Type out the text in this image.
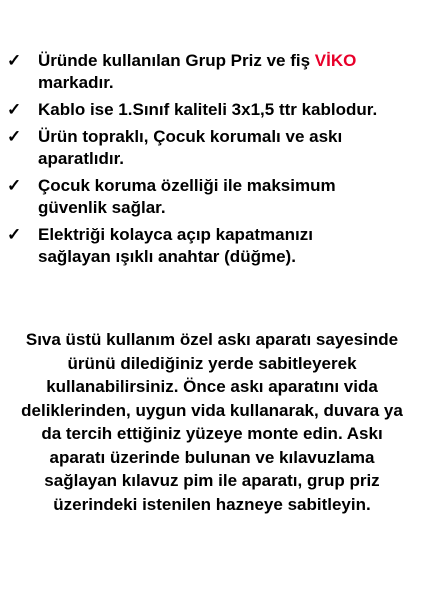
✓ Üründe kullanılan Grup Priz ve fiş VİKO
markadır.
✓ Kablo ise 1.Sınıf kaliteli 3x1,5 ttr kablodur.
✓ Ürün topraklı, Çocuk korumalı ve askı
aparatlıdır.
✓ Çocuk koruma özelliği ile maksimum
güvenlik sağlar.
✓ Elektriği kolayca açıp kapatmanızı
sağlayan ışıklı anahtar (düğme).
Sıva üstü kullanım özel askı aparatı sayesinde
ürünü dilediğiniz yerde sabitleyerek
kullanabilirsiniz. Önce askı aparatını vida
deliklerinden, uygun vida kullanarak, duvara ya
da tercih ettiğiniz yüzeye monte edin. Askı
aparatı üzerinde bulunan ve kılavuzlama
sağlayan kılavuz pim ile aparatı, grup priz
üzerindeki istenilen hazneye sabitleyin.
